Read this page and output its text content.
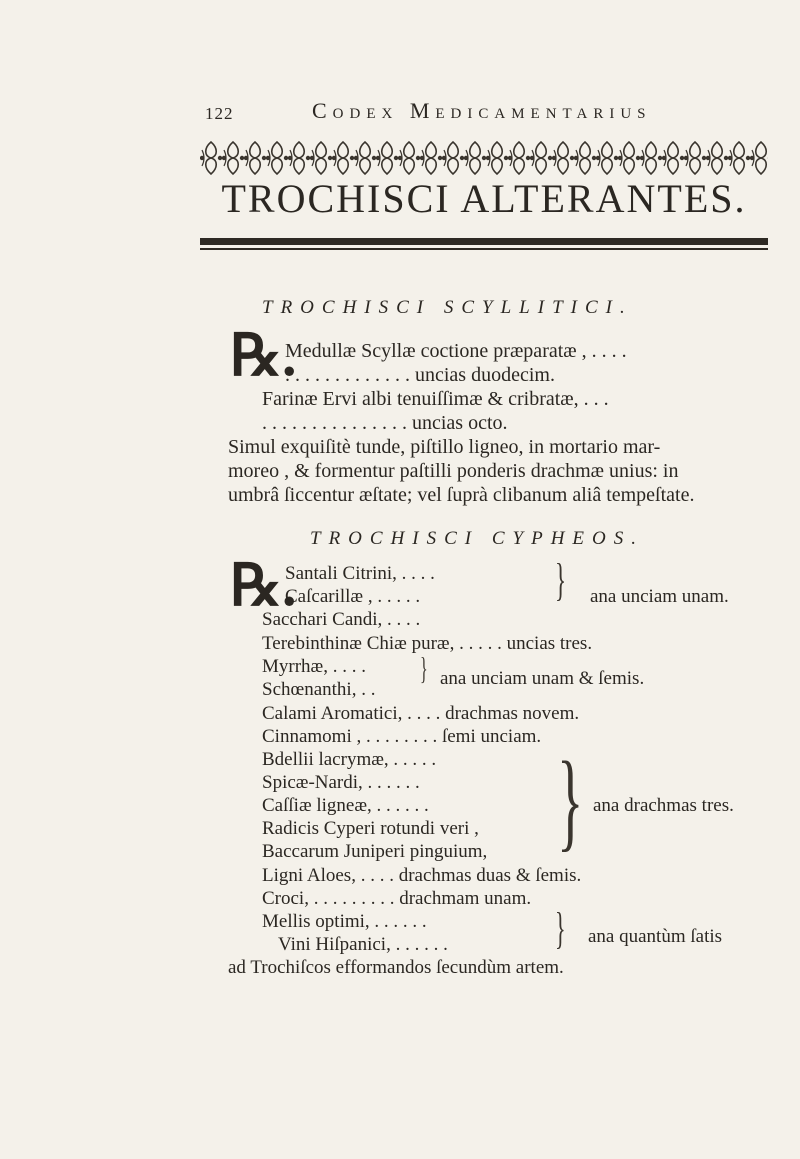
122	Codex Medicamentarius
TROCHISCI ALTERANTES.
TROCHISCI SCYLLITICI.
℞.
Medullæ Scyllæ coctione præparatæ , . . . .
. . . . . . . . . . . . . uncias duodecim.
Farinæ Ervi albi tenuiſſimæ & cribratæ, . . .
. . . . . . . . . . . . . . . uncias octo.
Simul exquiſitè tunde, piſtillo ligneo, in mortario mar-
moreo , & formentur paſtilli ponderis drachmæ unius: in
umbrâ ſiccentur æſtate; vel ſuprà clibanum aliâ tempeſtate.
TROCHISCI CYPHEOS.
℞.
Santali Citrini, . . . .
Caſcarillæ , . . . . .
Sacchari Candi, . . . .
} ana unciam unam.
Terebinthinæ Chiæ puræ, . . . . . uncias tres.
Myrrhæ, . . . .
Schœnanthi, . .
} ana unciam unam & ſemis.
Calami Aromatici, . . . . drachmas novem.
Cinnamomi , . . . . . . . . ſemi unciam.
Bdellii lacrymæ, . . . . .
Spicæ-Nardi, . . . . . .
Caſſiæ ligneæ, . . . . . .
Radicis Cyperi rotundi veri ,
Baccarum Juniperi pinguium, } ana drachmas tres.
Ligni Aloes, . . . . drachmas duas & ſemis.
Croci, . . . . . . . . . drachmam unam.
Mellis optimi, . . . . . .
Vini Hiſpanici, . . . . . . } ana quantùm ſatis
ad Trochiſcos efformandos ſecundùm artem.
